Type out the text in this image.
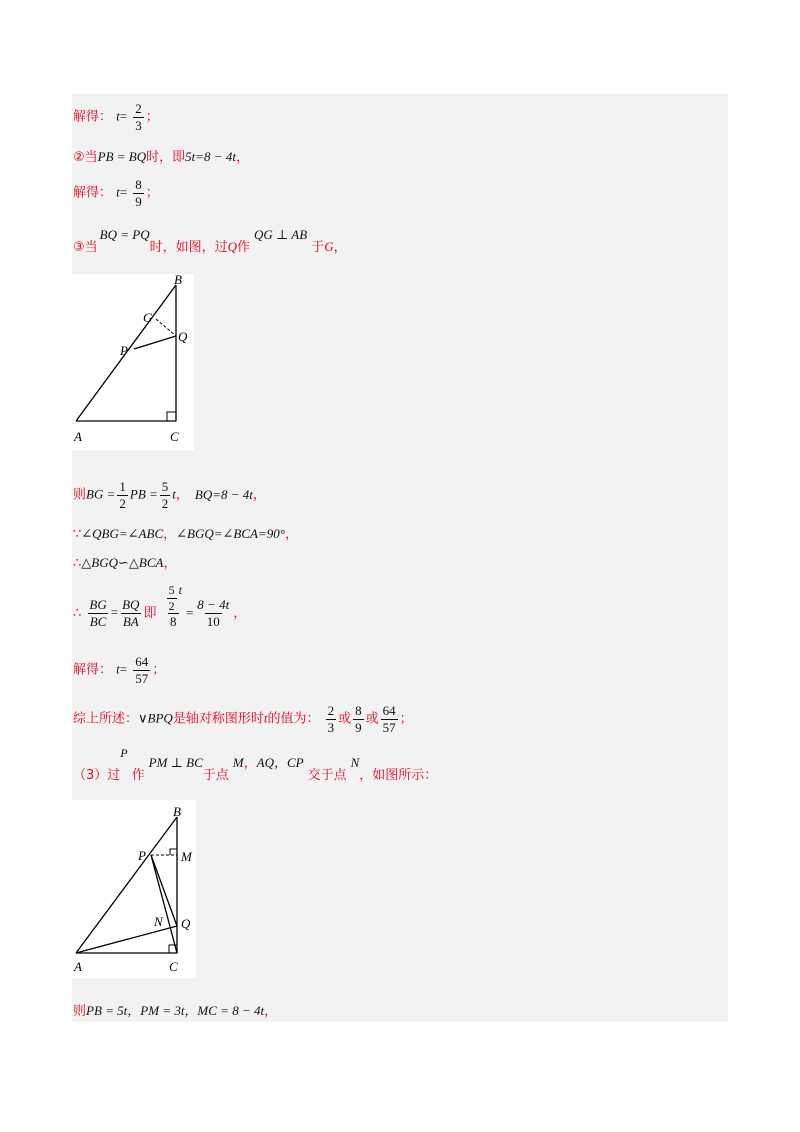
解得： $t= \frac{2}{3}$ ；
②当PB = BQ时，即5t=8 − 4t，
解得： $t= \frac{8}{9}$ ；
③当BQ = PQ时，如图，过Q作QG ⊥ AB于G，
B
G
Q
P
A	C
则BG = $\frac{1}{2}$ PB = $\frac{5}{2}$ t， BQ=8 − 4t，
∵∠QBG=∠ABC，∠BGQ=∠BCA=90°，
∴△BGQ∽△BCA，
∴ $\frac{BG}{BC} = \frac{BQ}{BA}$ 即 $\frac{\frac{5}{2} t}{8} = \frac{8 - 4t}{10}$ ，
解得： $t= \frac{64}{57}$ ；
综上所述：∨BPQ是轴对称图形时t的值为： $\frac{2}{3}$ 或 $\frac{8}{9}$ 或 $\frac{64}{57}$ ；
（3）过P作PM ⊥ BC于点M，AQ，CP交于点N，如图所示：
B
P	M
N Q
A	C
则PB = 5t，PM = 3t，MC = 8 − 4t，
